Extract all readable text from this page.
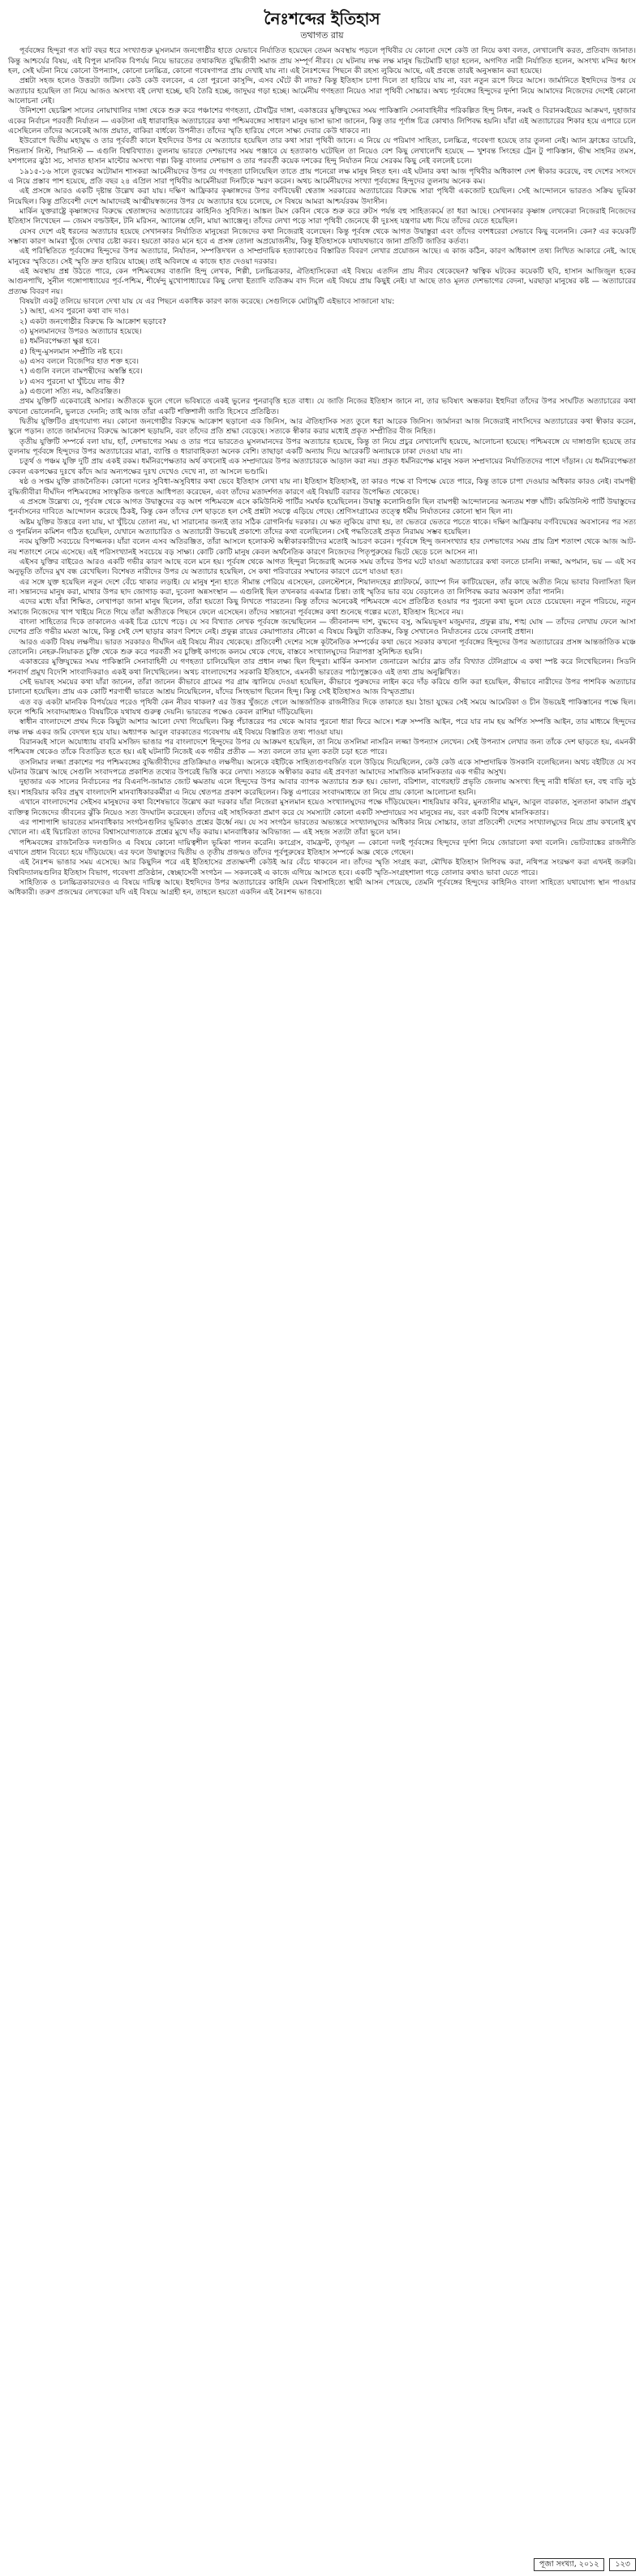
নৈঃশব্দের ইতিহাস
তথাগত রায়

পূর্ববঙ্গের হিন্দুরা গত ষাট বছর ধরে সংখ্যাগুরু মুসলমান জনগোষ্ঠীর হাতে যেভাবে নির্যাতিত হয়েছেন তেমন অবস্থায় পড়লে পৃথিবীর যে কোনো দেশে কেউ তা নিয়ে কথা বলত, লেখালেখি করত, প্রতিবাদ জানাত। কিন্তু আশ্চর্যের বিষয়, এই বিপুল মানবিক বিপর্যয় নিয়ে ভারতের তথাকথিত বুদ্ধিজীবী সমাজ প্রায় সম্পূর্ণ নীরব। যে ঘটনায় লক্ষ লক্ষ মানুষ ভিটেমাটি ছাড়া হলেন, অগণিত নারী নির্যাতিত হলেন, অসংখ্য মন্দির ধ্বংস হল, সেই ঘটনা নিয়ে কোনো উপন্যাস, কোনো চলচ্চিত্র, কোনো গবেষণাপত্র প্রায় দেখাই যায় না। এই নৈঃশব্দের পিছনে কী রহস্য লুকিয়ে আছে, এই প্রবন্ধে তারই অনুসন্ধান করা হয়েছে।

প্রশ্নটা সহজ হলেও উত্তরটা জটিল। কেউ কেউ বলবেন, এ তো পুরনো কাসুন্দি, এসব ঘেঁটে কী লাভ? কিন্তু ইতিহাস চাপা দিলে তা হারিয়ে যায় না, বরং নতুন রূপে ফিরে আসে। জার্মানিতে ইহুদিদের উপর যে অত্যাচার হয়েছিল তা নিয়ে আজও অসংখ্য বই লেখা হচ্ছে, ছবি তৈরি হচ্ছে, জাদুঘর গড়া হচ্ছে। আর্মেনীয় গণহত্যা নিয়েও সারা পৃথিবী সোচ্চার। অথচ পূর্ববঙ্গের হিন্দুদের দুর্দশা নিয়ে আমাদের নিজেদের দেশেই কোনো আলোচনা নেই।

উনিশশো ছেচল্লিশ সালের নোয়াখালির দাঙ্গা থেকে শুরু করে পঞ্চাশের গণহত্যা, চৌষট্টির দাঙ্গা, একাত্তরের মুক্তিযুদ্ধের সময় পাকিস্তানি সেনাবাহিনীর পরিকল্পিত হিন্দু নিধন, নব্বই ও বিরানব্বইয়ের আক্রমণ, দুহাজার একের নির্বাচন পরবর্তী নির্যাতন — একটানা এই ধারাবাহিক অত্যাচারের কথা পশ্চিমবঙ্গের সাধারণ মানুষ ভাসা ভাসা জানেন, কিন্তু তার পূর্ণাঙ্গ চিত্র কোথাও লিপিবদ্ধ হয়নি। যাঁরা এই অত্যাচারের শিকার হয়ে এপারে চলে এসেছিলেন তাঁদের অনেকেই আজ প্রয়াত, বাকিরা বার্ধক্যে উপনীত। তাঁদের স্মৃতি হারিয়ে গেলে সাক্ষ্য দেবার কেউ থাকবে না।

ইউরোপে দ্বিতীয় মহাযুদ্ধ ও তার পূর্ববর্তী কালে ইহুদিদের উপর যে অত্যাচার হয়েছিল তার কথা সারা পৃথিবী জানে। এ নিয়ে যে পরিমাণ সাহিত্য, চলচ্চিত্র, গবেষণা হয়েছে তার তুলনা নেই। অ্যান ফ্রাঙ্কের ডায়েরি, শিন্ডলার্স লিস্ট, পিয়ানিস্ট — এগুলি বিশ্ববিখ্যাত। তুলনায় ভারতে দেশভাগের সময় পঞ্জাবে যে হত্যাকাণ্ড ঘটেছিল তা নিয়েও বেশ কিছু লেখালেখি হয়েছে — খুশবন্ত সিংহের ট্রেন টু পাকিস্তান, ভীষ্ম সাহনির তমস, যশপালের ঝুঠা সচ, সাদাত হাসান মান্টোর অসংখ্য গল্প। কিন্তু বাংলার দেশভাগ ও তার পরবর্তী কয়েক দশকের হিন্দু নির্যাতন নিয়ে সেরকম কিছু নেই বললেই চলে।

১৯১৫-১৬ সালে তুরস্কের অটোমান শাসকরা আর্মেনীয়দের উপর যে গণহত্যা চালিয়েছিল তাতে প্রায় পনেরো লক্ষ মানুষ নিহত হন। এই ঘটনার কথা আজ পৃথিবীর অধিকাংশ দেশ স্বীকার করেছে, বহু দেশের সংসদে এ নিয়ে প্রস্তাব পাশ হয়েছে, প্রতি বছর ২৪ এপ্রিল সারা পৃথিবীর আর্মেনীয়রা দিনটিকে স্মরণ করেন। অথচ আর্মেনীয়দের সংখ্যা পূর্ববঙ্গের হিন্দুদের তুলনায় অনেক কম।

এই প্রসঙ্গে আরও একটি দৃষ্টান্ত উল্লেখ করা যায়। দক্ষিণ আফ্রিকার কৃষ্ণাঙ্গদের উপর বর্ণবিদ্বেষী শ্বেতাঙ্গ সরকারের অত্যাচারের বিরুদ্ধে সারা পৃথিবী একজোট হয়েছিল। সেই আন্দোলনে ভারতও সক্রিয় ভূমিকা নিয়েছিল। কিন্তু প্রতিবেশী দেশে আমাদেরই আত্মীয়স্বজনের উপর যে অত্যাচার হয়ে চলেছে, সে বিষয়ে আমরা আশ্চর্যরকম উদাসীন।

মার্কিন যুক্তরাষ্ট্রে কৃষ্ণাঙ্গদের বিরুদ্ধে শ্বেতাঙ্গদের অত্যাচারের কাহিনিও সুবিদিত। আঙ্কল টমস কেবিন থেকে শুরু করে রুটস পর্যন্ত বহু সাহিত্যকর্মে তা ধরা আছে। সেখানকার কৃষ্ণাঙ্গ লেখকেরা নিজেরাই নিজেদের ইতিহাস লিখেছেন — জেমস বল্ডউইন, টনি মরিসন, অ্যালেক্স হেলি, মায়া অ্যাঞ্জেলু। তাঁদের লেখা পড়ে সারা পৃথিবী জেনেছে কী দুঃসহ যন্ত্রণার মধ্য দিয়ে তাঁদের যেতে হয়েছিল।

যেসব দেশে এই ধরনের অত্যাচার হয়েছে সেখানকার নির্যাতিত মানুষেরা নিজেদের কথা নিজেরাই বলেছেন। কিন্তু পূর্ববঙ্গ থেকে আগত উদ্বাস্তুরা এবং তাঁদের বংশধরেরা সেভাবে কিছু বলেননি। কেন? এর কয়েকটি সম্ভাব্য কারণ আমরা খুঁজে দেখার চেষ্টা করব। হয়তো কারও মনে হবে এ প্রসঙ্গ তোলা অপ্রয়োজনীয়, কিন্তু ইতিহাসকে যথাযথভাবে জানা প্রতিটি জাতির কর্তব্য।

এই পরিস্থিতিতে পূর্ববঙ্গের হিন্দুদের উপর অত্যাচার, নির্যাতন, সম্পত্তিদখল ও সাম্প্রদায়িক হত্যাকাণ্ডের বিস্তারিত বিবরণ লেখার প্রয়োজন আছে। এ কাজ কঠিন, কারণ অধিকাংশ তথ্য লিখিত আকারে নেই, আছে মানুষের স্মৃতিতে। সেই স্মৃতি দ্রুত হারিয়ে যাচ্ছে। তাই অবিলম্বে এ কাজে হাত দেওয়া দরকার।

এই অবস্থায় প্রশ্ন উঠতে পারে, কেন পশ্চিমবঙ্গের বাঙালি হিন্দু লেখক, শিল্পী, চলচ্চিত্রকার, ঐতিহাসিকেরা এই বিষয়ে এতদিন প্রায় নীরব থেকেছেন? ঋত্বিক ঘটকের কয়েকটি ছবি, হাসান আজিজুল হকের আগুনপাখি, সুনীল গঙ্গোপাধ্যায়ের পূর্ব-পশ্চিম, শীর্ষেন্দু মুখোপাধ্যায়ের কিছু লেখা ইত্যাদি ব্যতিক্রম বাদ দিলে এই বিষয়ে প্রায় কিছুই নেই। যা আছে তাও মূলত দেশভাগের বেদনা, ঘরছাড়া মানুষের কষ্ট — অত্যাচারের প্রত্যক্ষ বিবরণ নয়।

বিষয়টা একটু তলিয়ে ভাবলে দেখা যায় যে এর পিছনে একাধিক কারণ কাজ করেছে। সেগুলিকে মোটামুটি এইভাবে সাজানো যায়:

১) আহা, এসব পুরনো কথা বাদ দাও।
২) একটা জনগোষ্ঠীর বিরুদ্ধে কি আক্রোশ ছড়াবে?
৩) মুসলমানদের উপরও অত্যাচার হয়েছে।
৪) ধর্মনিরপেক্ষতা ক্ষুণ্ণ হবে।
৫) হিন্দু-মুসলমান সম্প্রীতি নষ্ট হবে।
৬) এসব বললে বিজেপির হাত শক্ত হবে।
৭) এগুলি বললে বামপন্থীদের অস্বস্তি হবে।
৮) এসব পুরনো ঘা খুঁচিয়ে লাভ কী?
৯) এগুলো সত্যি নয়, অতিরঞ্জিত।

প্রথম যুক্তিটি একেবারেই অসার। অতীতকে ভুলে গেলে ভবিষ্যতে একই ভুলের পুনরাবৃত্তি হতে বাধ্য। যে জাতি নিজের ইতিহাস জানে না, তার ভবিষ্যৎ অন্ধকার। ইহুদিরা তাঁদের উপর সংঘটিত অত্যাচারের কথা কখনো ভোলেননি, ভুলতে দেননি; তাই আজ তাঁরা একটি শক্তিশালী জাতি হিসেবে প্রতিষ্ঠিত।

দ্বিতীয় যুক্তিটিও গ্রহণযোগ্য নয়। কোনো জনগোষ্ঠীর বিরুদ্ধে আক্রোশ ছড়ানো এক জিনিস, আর ঐতিহাসিক সত্য তুলে ধরা আরেক জিনিস। জার্মানরা আজ নিজেরাই নাৎসিদের অত্যাচারের কথা স্বীকার করেন, স্কুলে পড়ান। তাতে জার্মানদের বিরুদ্ধে আক্রোশ ছড়ায়নি, বরং তাঁদের প্রতি শ্রদ্ধা বেড়েছে। সত্যকে স্বীকার করার মধ্যেই প্রকৃত সম্প্রীতির বীজ নিহিত।

তৃতীয় যুক্তিটি সম্পর্কে বলা যায়, হ্যাঁ, দেশভাগের সময় ও তার পরে ভারতেও মুসলমানদের উপর অত্যাচার হয়েছে, কিন্তু তা নিয়ে প্রচুর লেখালেখি হয়েছে, আলোচনা হয়েছে। পশ্চিমবঙ্গে যে দাঙ্গাগুলি হয়েছে তার তুলনায় পূর্ববঙ্গে হিন্দুদের উপর অত্যাচারের মাত্রা, ব্যাপ্তি ও ধারাবাহিকতা অনেক বেশি। তাছাড়া একটি অন্যায় দিয়ে আরেকটি অন্যায়কে ঢাকা দেওয়া যায় না।

চতুর্থ ও পঞ্চম যুক্তি দুটি প্রায় একই রকম। ধর্মনিরপেক্ষতার অর্থ কখনোই এক সম্প্রদায়ের উপর অত্যাচারকে আড়াল করা নয়। প্রকৃত ধর্মনিরপেক্ষ মানুষ সকল সম্প্রদায়ের নির্যাতিতদের পাশে দাঁড়ান। যে ধর্মনিরপেক্ষতা কেবল একপক্ষের দুঃখে কাঁদে আর অন্যপক্ষের দুঃখ দেখেও দেখে না, তা আসলে ভণ্ডামি।

ষষ্ঠ ও সপ্তম যুক্তি রাজনৈতিক। কোনো দলের সুবিধা-অসুবিধার কথা ভেবে ইতিহাস লেখা যায় না। ইতিহাস ইতিহাসই, তা কারও পক্ষে বা বিপক্ষে যেতে পারে, কিন্তু তাকে চাপা দেওয়ার অধিকার কারও নেই। বামপন্থী বুদ্ধিজীবীরা দীর্ঘদিন পশ্চিমবঙ্গের সাংস্কৃতিক জগতে আধিপত্য করেছেন, এবং তাঁদের মতাদর্শগত কারণে এই বিষয়টি বরাবর উপেক্ষিত থেকেছে।

এ প্রসঙ্গে উল্লেখ্য যে, পূর্ববঙ্গ থেকে আগত উদ্বাস্তুদের বড় অংশ পশ্চিমবঙ্গে এসে কমিউনিস্ট পার্টির সমর্থক হয়েছিলেন। উদ্বাস্তু কলোনিগুলি ছিল বামপন্থী আন্দোলনের অন্যতম শক্ত ঘাঁটি। কমিউনিস্ট পার্টি উদ্বাস্তুদের পুনর্বাসনের দাবিতে আন্দোলন করেছে ঠিকই, কিন্তু কেন তাঁদের দেশ ছাড়তে হল সেই প্রশ্নটা সযত্নে এড়িয়ে গেছে। শ্রেণিসংগ্রামের তত্ত্বে ধর্মীয় নির্যাতনের কোনো স্থান ছিল না।

অষ্টম যুক্তির উত্তরে বলা যায়, ঘা খুঁচিয়ে তোলা নয়, ঘা সারানোর জন্যই তার সঠিক রোগনির্ণয় দরকার। যে ক্ষত লুকিয়ে রাখা হয়, তা ভেতরে ভেতরে পচতে থাকে। দক্ষিণ আফ্রিকায় বর্ণবিদ্বেষের অবসানের পর সত্য ও পুনর্মিলন কমিশন গঠিত হয়েছিল, যেখানে অত্যাচারিত ও অত্যাচারী উভয়েই প্রকাশ্যে তাঁদের কথা বলেছিলেন। সেই পদ্ধতিতেই প্রকৃত নিরাময় সম্ভব হয়েছিল।

নবম যুক্তিটি সবচেয়ে বিপজ্জনক। যাঁরা বলেন এসব অতিরঞ্জিত, তাঁরা আসলে হলোকস্ট অস্বীকারকারীদের মতোই আচরণ করেন। পূর্ববঙ্গে হিন্দু জনসংখ্যার হার দেশভাগের সময় প্রায় ত্রিশ শতাংশ থেকে আজ আট-নয় শতাংশে নেমে এসেছে। এই পরিসংখ্যানই সবচেয়ে বড় সাক্ষ্য। কোটি কোটি মানুষ কেবল অর্থনৈতিক কারণে নিজেদের পিতৃপুরুষের ভিটে ছেড়ে চলে আসেন না।

এইসব যুক্তির বাইরেও আরও একটি গভীর কারণ আছে বলে মনে হয়। পূর্ববঙ্গ থেকে আগত হিন্দুরা নিজেরাই অনেক সময় তাঁদের উপর ঘটে যাওয়া অত্যাচারের কথা বলতে চাননি। লজ্জা, অপমান, ভয় — এই সব অনুভূতি তাঁদের মুখ বন্ধ রেখেছিল। বিশেষত নারীদের উপর যে অত্যাচার হয়েছিল, সে কথা পরিবারের সম্মানের কারণে চেপে যাওয়া হত।

এর সঙ্গে যুক্ত হয়েছিল নতুন দেশে বেঁচে থাকার লড়াই। যে মানুষ শূন্য হাতে সীমান্ত পেরিয়ে এসেছেন, রেলস্টেশনে, শিয়ালদহের প্ল্যাটফর্মে, ক্যাম্পে দিন কাটিয়েছেন, তাঁর কাছে অতীত নিয়ে ভাবার বিলাসিতা ছিল না। সন্তানদের মানুষ করা, মাথার উপর ছাদ জোগাড় করা, দুবেলা অন্নসংস্থান — এগুলিই ছিল তখনকার একমাত্র চিন্তা। তাই স্মৃতির ভার বয়ে বেড়ালেও তা লিপিবদ্ধ করার অবকাশ তাঁরা পাননি।

এদের মধ্যে যাঁরা শিক্ষিত, লেখাপড়া জানা মানুষ ছিলেন, তাঁরা হয়তো কিছু লিখতে পারতেন। কিন্তু তাঁদের অনেকেই পশ্চিমবঙ্গে এসে প্রতিষ্ঠিত হওয়ার পর পুরনো কথা ভুলে যেতে চেয়েছেন। নতুন পরিচয়ে, নতুন সমাজে নিজেদের খাপ খাইয়ে নিতে গিয়ে তাঁরা অতীতকে পিছনে ফেলে এসেছেন। তাঁদের সন্তানেরা পূর্ববঙ্গের কথা শুনেছে গল্পের মতো, ইতিহাস হিসেবে নয়।

বাংলা সাহিত্যের দিকে তাকালেও একই চিত্র চোখে পড়ে। যে সব বিখ্যাত লেখক পূর্ববঙ্গে জন্মেছিলেন — জীবনানন্দ দাশ, বুদ্ধদেব বসু, অমিয়ভূষণ মজুমদার, প্রফুল্ল রায়, শঙ্খ ঘোষ — তাঁদের লেখায় ফেলে আসা দেশের প্রতি গভীর মমতা আছে, কিন্তু সেই দেশ ছাড়ার কারণ বিশদে নেই। প্রফুল্ল রায়ের কেয়াপাতার নৌকো এ বিষয়ে কিছুটা ব্যতিক্রম, কিন্তু সেখানেও নির্যাতনের চেয়ে বেদনাই প্রধান।

আরও একটি বিষয় লক্ষণীয়। ভারত সরকারও দীর্ঘদিন এই বিষয়ে নীরব থেকেছে। প্রতিবেশী দেশের সঙ্গে কূটনৈতিক সম্পর্কের কথা ভেবে সরকার কখনো পূর্ববঙ্গের হিন্দুদের উপর অত্যাচারের প্রসঙ্গ আন্তর্জাতিক মঞ্চে তোলেনি। নেহরু-লিয়াকত চুক্তি থেকে শুরু করে পরবর্তী সব চুক্তিই কাগজে কলমে থেকে গেছে, বাস্তবে সংখ্যালঘুদের নিরাপত্তা সুনিশ্চিত হয়নি।

একাত্তরের মুক্তিযুদ্ধের সময় পাকিস্তানি সেনাবাহিনী যে গণহত্যা চালিয়েছিল তার প্রধান লক্ষ্য ছিল হিন্দুরা। মার্কিন কনসাল জেনারেল আর্চার ব্লাড তাঁর বিখ্যাত টেলিগ্রামে এ কথা স্পষ্ট করে লিখেছিলেন। সিডনি শনবার্গ প্রমুখ বিদেশি সাংবাদিকরাও একই কথা লিখেছিলেন। অথচ বাংলাদেশের সরকারি ইতিহাসে, এমনকী ভারতের পাঠ্যপুস্তকেও এই তথ্য প্রায় অনুল্লিখিত।

সেই ভয়াবহ সময়ের কথা যাঁরা জানেন, তাঁরা জানেন কীভাবে গ্রামের পর গ্রাম জ্বালিয়ে দেওয়া হয়েছিল, কীভাবে পুরুষদের লাইন করে দাঁড় করিয়ে গুলি করা হয়েছিল, কীভাবে নারীদের উপর পাশবিক অত্যাচার চালানো হয়েছিল। প্রায় এক কোটি শরণার্থী ভারতে আশ্রয় নিয়েছিলেন, যাঁদের সিংহভাগ ছিলেন হিন্দু। কিন্তু সেই ইতিহাসও আজ বিস্মৃতপ্রায়।

এত বড় একটা মানবিক বিপর্যয়ের পরেও পৃথিবী কেন নীরব থাকল? এর উত্তর খুঁজতে গেলে আন্তর্জাতিক রাজনীতির দিকে তাকাতে হয়। ঠান্ডা যুদ্ধের সেই সময়ে আমেরিকা ও চীন উভয়েই পাকিস্তানের পক্ষে ছিল। ফলে পশ্চিমি সংবাদমাধ্যমও বিষয়টিকে যথাযথ গুরুত্ব দেয়নি। ভারতের পক্ষেও কেবল রাশিয়া দাঁড়িয়েছিল।

স্বাধীন বাংলাদেশে প্রথম দিকে কিছুটা আশার আলো দেখা গিয়েছিল। কিন্তু পঁচাত্তরের পর থেকে আবার পুরনো ধারা ফিরে আসে। শত্রু সম্পত্তি আইন, পরে যার নাম হয় অর্পিত সম্পত্তি আইন, তার মাধ্যমে হিন্দুদের লক্ষ লক্ষ একর জমি বেদখল হয়ে যায়। অধ্যাপক আবুল বারকাতের গবেষণায় এই বিষয়ে বিস্তারিত তথ্য পাওয়া যায়।

বিরানব্বই সালে অযোধ্যায় বাবরি মসজিদ ভাঙার পর বাংলাদেশে হিন্দুদের উপর যে আক্রমণ হয়েছিল, তা নিয়ে তসলিমা নাসরিন লজ্জা উপন্যাস লেখেন। সেই উপন্যাস লেখার জন্য তাঁকে দেশ ছাড়তে হয়, এমনকী পশ্চিমবঙ্গ থেকেও তাঁকে বিতাড়িত হতে হয়। এই ঘটনাটি নিজেই এক গভীর প্রতীক — সত্য বললে তার মূল্য কতটা চড়া হতে পারে।

তসলিমার লজ্জা প্রকাশের পর পশ্চিমবঙ্গের বুদ্ধিজীবীদের প্রতিক্রিয়াও লক্ষণীয়। অনেকে বইটিকে সাহিত্যগুণবর্জিত বলে উড়িয়ে দিয়েছিলেন, কেউ কেউ একে সাম্প্রদায়িক উসকানি বলেছিলেন। অথচ বইটিতে যে সব ঘটনার উল্লেখ আছে সেগুলি সংবাদপত্রে প্রকাশিত তথ্যের উপরেই ভিত্তি করে লেখা। সত্যকে অস্বীকার করার এই প্রবণতা আমাদের সামাজিক মানসিকতার এক গভীর অসুখ।

দুহাজার এক সালের নির্বাচনের পর বিএনপি-জামাত জোট ক্ষমতায় এলে হিন্দুদের উপর আবার ব্যাপক অত্যাচার শুরু হয়। ভোলা, বরিশাল, বাগেরহাট প্রভৃতি জেলায় অসংখ্য হিন্দু নারী ধর্ষিতা হন, বহু বাড়ি লুঠ হয়। শাহরিয়ার কবির প্রমুখ বাংলাদেশি মানবাধিকারকর্মীরা এ নিয়ে শ্বেতপত্র প্রকাশ করেছিলেন। কিন্তু এপারের সংবাদমাধ্যমে তা নিয়ে প্রায় কোনো আলোচনা হয়নি।

এখানে বাংলাদেশের সেইসব মানুষদের কথা বিশেষভাবে উল্লেখ করা দরকার যাঁরা নিজেরা মুসলমান হয়েও সংখ্যালঘুদের পক্ষে দাঁড়িয়েছেন। শাহরিয়ার কবির, মুনতাসীর মামুন, আবুল বারকাত, সুলতানা কামাল প্রমুখ ব্যক্তিত্ব নিজেদের জীবনের ঝুঁকি নিয়েও সত্য উদঘাটন করেছেন। তাঁদের এই সাহসিকতা প্রমাণ করে যে সমস্যাটা কোনো একটি সম্প্রদায়ের সব মানুষের নয়, বরং একটি বিশেষ মানসিকতার।

এর পাশাপাশি ভারতের মানবাধিকার সংগঠনগুলির ভূমিকাও প্রশ্নের ঊর্ধ্বে নয়। যে সব সংগঠন ভারতের অভ্যন্তরে সংখ্যালঘুদের অধিকার নিয়ে সোচ্চার, তারা প্রতিবেশী দেশের সংখ্যালঘুদের নিয়ে প্রায় কখনোই মুখ খোলে না। এই দ্বিচারিতা তাদের বিশ্বাসযোগ্যতাকে প্রশ্নের মুখে দাঁড় করায়। মানবাধিকার অবিভাজ্য — এই সহজ সত্যটা তাঁরা ভুলে যান।

পশ্চিমবঙ্গের রাজনৈতিক দলগুলিও এ বিষয়ে কোনো দায়িত্বশীল ভূমিকা পালন করেনি। কংগ্রেস, বামফ্রন্ট, তৃণমূল — কোনো দলই পূর্ববঙ্গের হিন্দুদের দুর্দশা নিয়ে জোরালো কথা বলেনি। ভোটব্যাঙ্কের রাজনীতি এখানে প্রধান বিবেচ্য হয়ে দাঁড়িয়েছে। এর ফলে উদ্বাস্তুদের দ্বিতীয় ও তৃতীয় প্রজন্মও তাঁদের পূর্বপুরুষের ইতিহাস সম্পর্কে অজ্ঞ থেকে গেছেন।

এই নৈঃশব্দ ভাঙার সময় এসেছে। আর কিছুদিন পরে এই ইতিহাসের প্রত্যক্ষদর্শী কেউই আর বেঁচে থাকবেন না। তাঁদের স্মৃতি সংগ্রহ করা, মৌখিক ইতিহাস লিপিবদ্ধ করা, নথিপত্র সংরক্ষণ করা এখনই জরুরি। বিশ্ববিদ্যালয়গুলির ইতিহাস বিভাগ, গবেষণা প্রতিষ্ঠান, স্বেচ্ছাসেবী সংগঠন — সকলকেই এ কাজে এগিয়ে আসতে হবে। একটি স্মৃতি-সংগ্রহশালা গড়ে তোলার কথাও ভাবা যেতে পারে।

সাহিত্যিক ও চলচ্চিত্রকারদেরও এ বিষয়ে দায়িত্ব আছে। ইহুদিদের উপর অত্যাচারের কাহিনি যেমন বিশ্বসাহিত্যে স্থায়ী আসন পেয়েছে, তেমনি পূর্ববঙ্গের হিন্দুদের কাহিনিও বাংলা সাহিত্যে যথাযোগ্য স্থান পাওয়ার অধিকারী। তরুণ প্রজন্মের লেখকেরা যদি এই বিষয়ে আগ্রহী হন, তাহলে হয়তো একদিন এই নৈঃশব্দ ভাঙবে।

পূজা সংখ্যা, ২০১২	১২৩
